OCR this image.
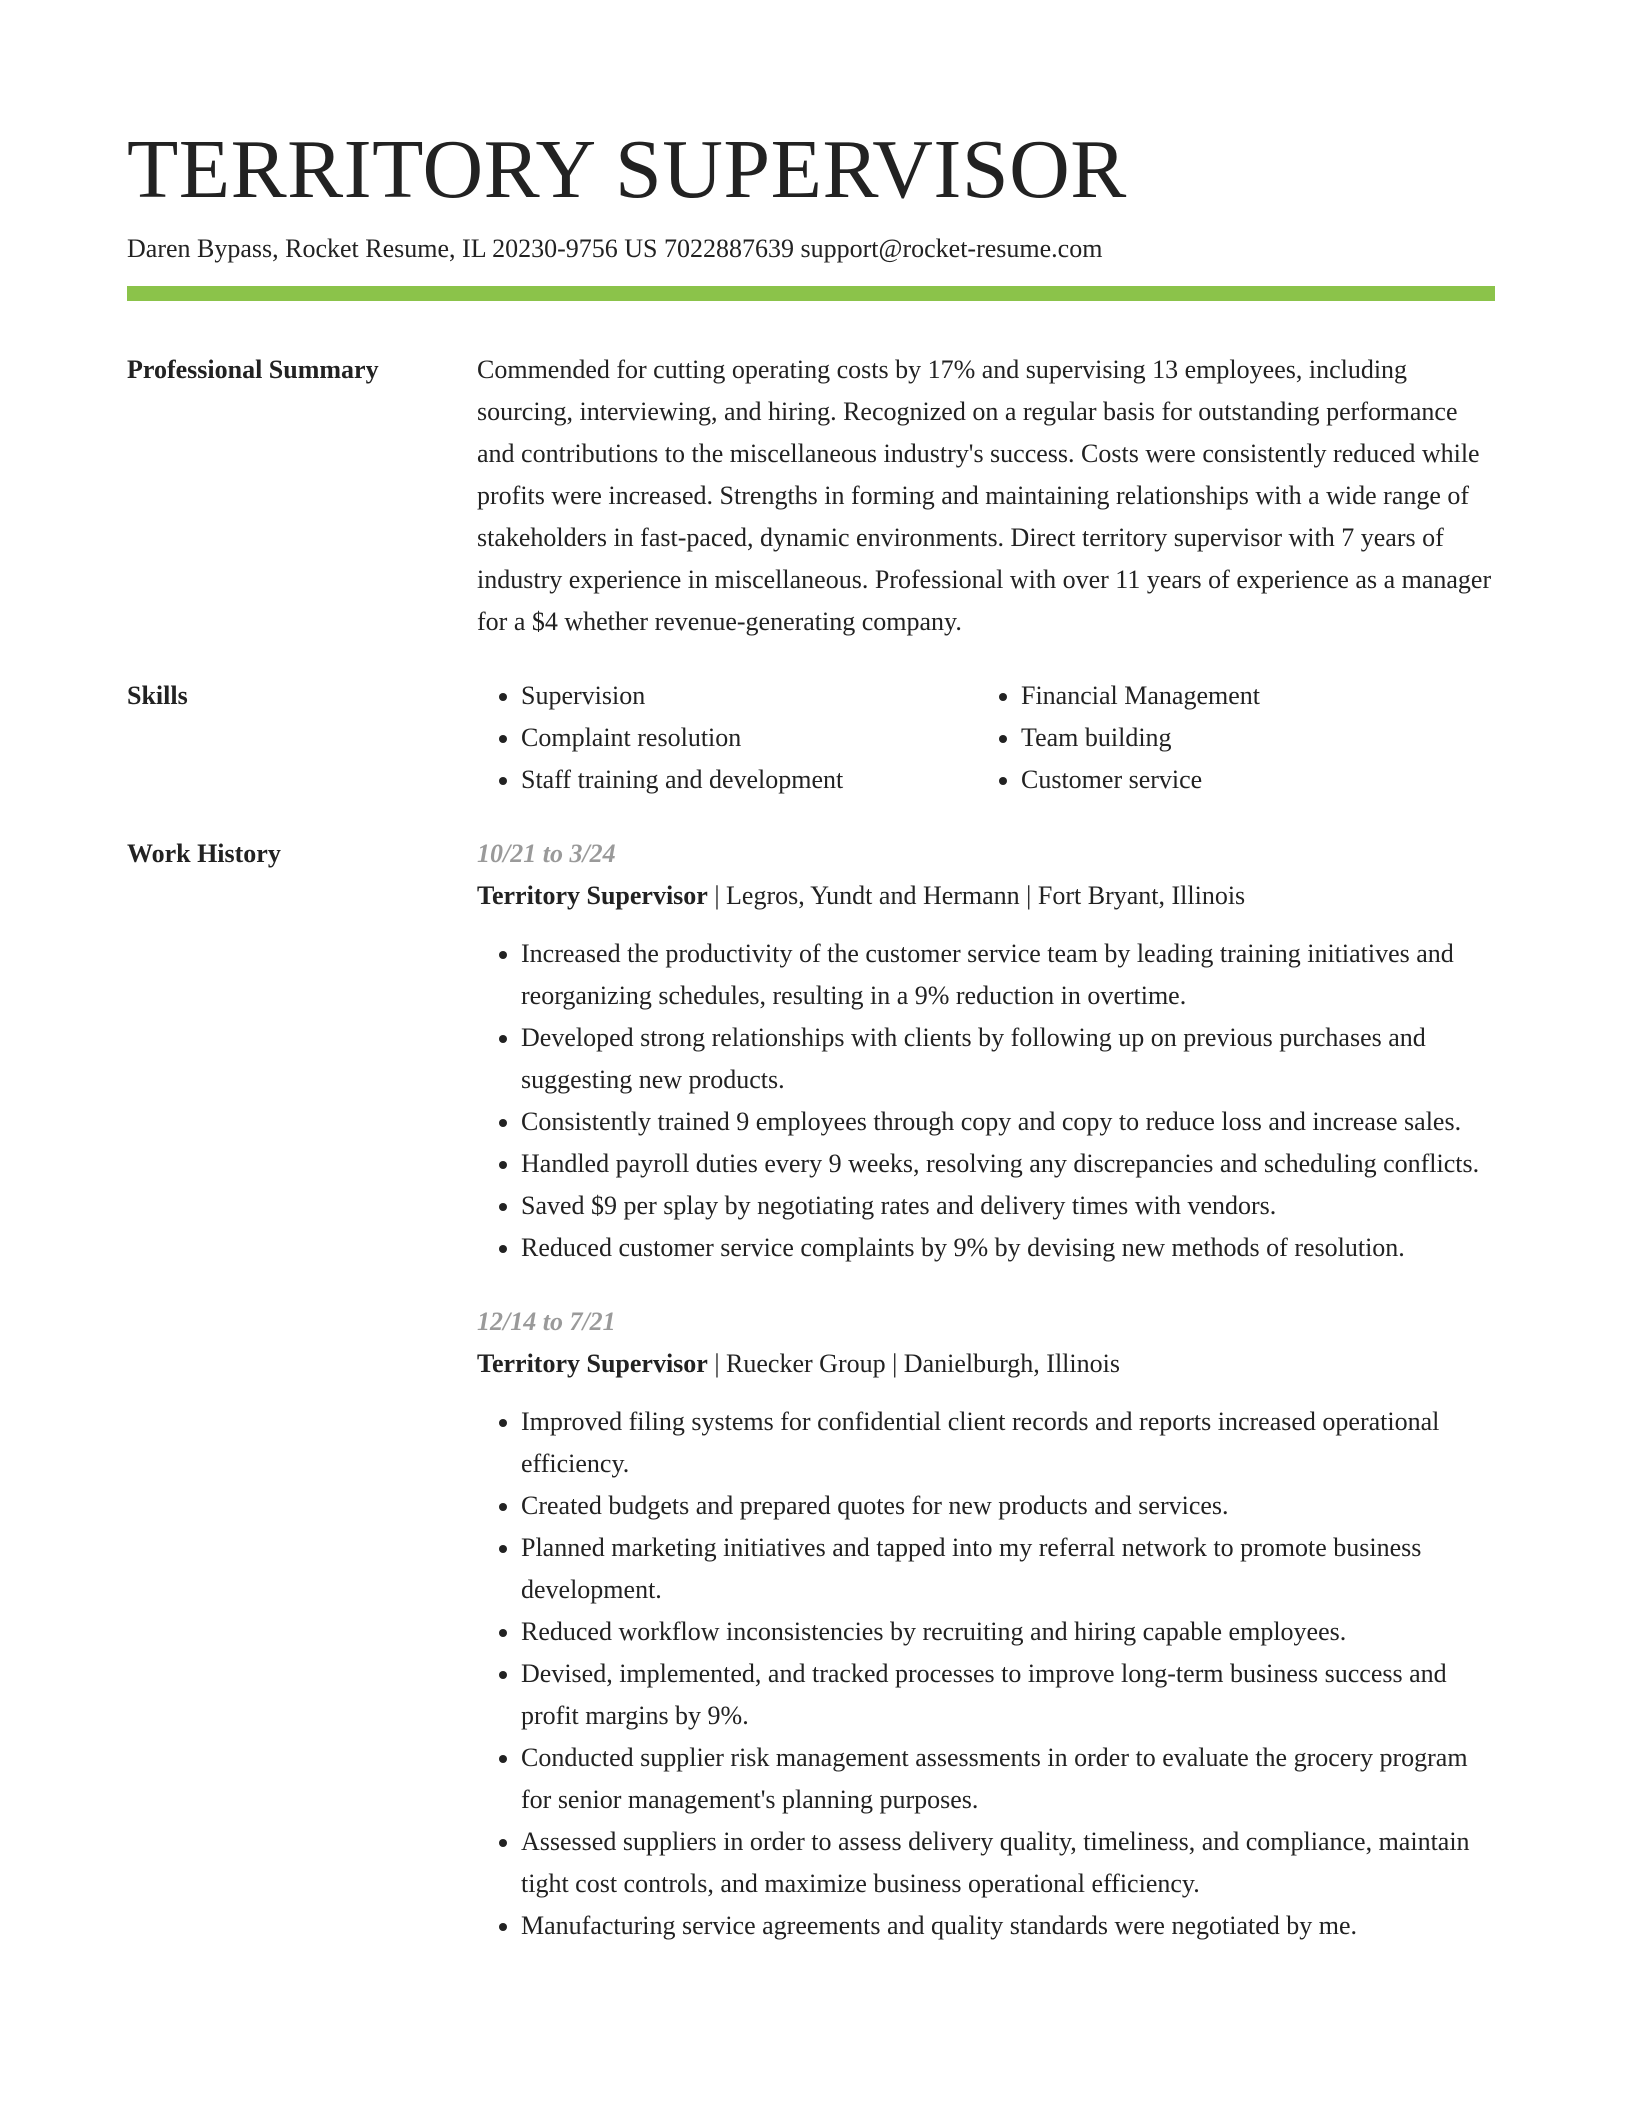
TERRITORY SUPERVISOR
Daren Bypass, Rocket Resume, IL 20230-9756 US 7022887639 support@rocket-resume.com
Professional Summary	Commended for cutting operating costs by 17% and supervising 13 employees, including sourcing, interviewing, and hiring. Recognized on a regular basis for outstanding performance and contributions to the miscellaneous industry's success. Costs were consistently reduced while profits were increased. Strengths in forming and maintaining relationships with a wide range of stakeholders in fast-paced, dynamic environments. Direct territory supervisor with 7 years of industry experience in miscellaneous. Professional with over 11 years of experience as a manager for a $4 whether revenue-generating company.
Skills
•	Supervision
• Complaint resolution
• Staff training and development
• Financial Management
• Team building
• Customer service
Work History	10/21 to 3/24
Territory Supervisor | Legros, Yundt and Hermann | Fort Bryant, Illinois
• Increased the productivity of the customer service team by leading training initiatives and reorganizing schedules, resulting in a 9% reduction in overtime.
• Developed strong relationships with clients by following up on previous purchases and suggesting new products.
• Consistently trained 9 employees through copy and copy to reduce loss and increase sales.
• Handled payroll duties every 9 weeks, resolving any discrepancies and scheduling conflicts.
• Saved $9 per splay by negotiating rates and delivery times with vendors.
• Reduced customer service complaints by 9% by devising new methods of resolution.
12/14 to 7/21
Territory Supervisor | Ruecker Group | Danielburgh, Illinois
• Improved filing systems for confidential client records and reports increased operational efficiency.
• Created budgets and prepared quotes for new products and services.
• Planned marketing initiatives and tapped into my referral network to promote business development.
• Reduced workflow inconsistencies by recruiting and hiring capable employees.
• Devised, implemented, and tracked processes to improve long-term business success and profit margins by 9%.
• Conducted supplier risk management assessments in order to evaluate the grocery program for senior management's planning purposes.
• Assessed suppliers in order to assess delivery quality, timeliness, and compliance, maintain tight cost controls, and maximize business operational efficiency.
• Manufacturing service agreements and quality standards were negotiated by me.
